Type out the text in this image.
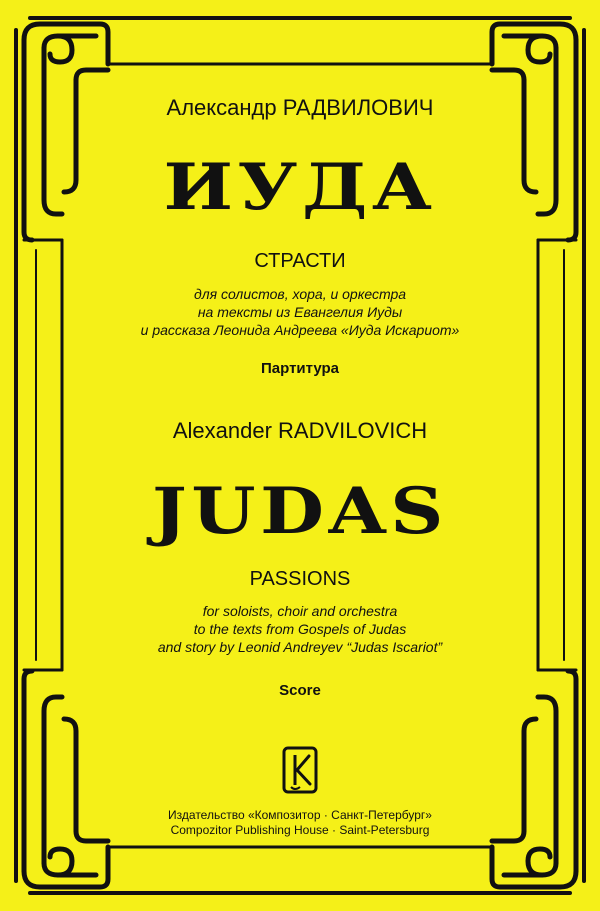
Александр РАДВИЛОВИЧ
ИУДА
СТРАСТИ
для солистов, хора, и оркестра
на тексты из Евангелия Иуды
и рассказа Леонида Андреева «Иуда Искариот»
Партитура
Alexander RADVILOVICH
JUDAS
PASSIONS
for soloists, choir and orchestra
to the texts from Gospels of Judas
and story by Leonid Andreyev “Judas Iscariot”
Score
Издательство «Композитор · Санкт-Петербург»
Compozitor Publishing House · Saint-Petersburg
